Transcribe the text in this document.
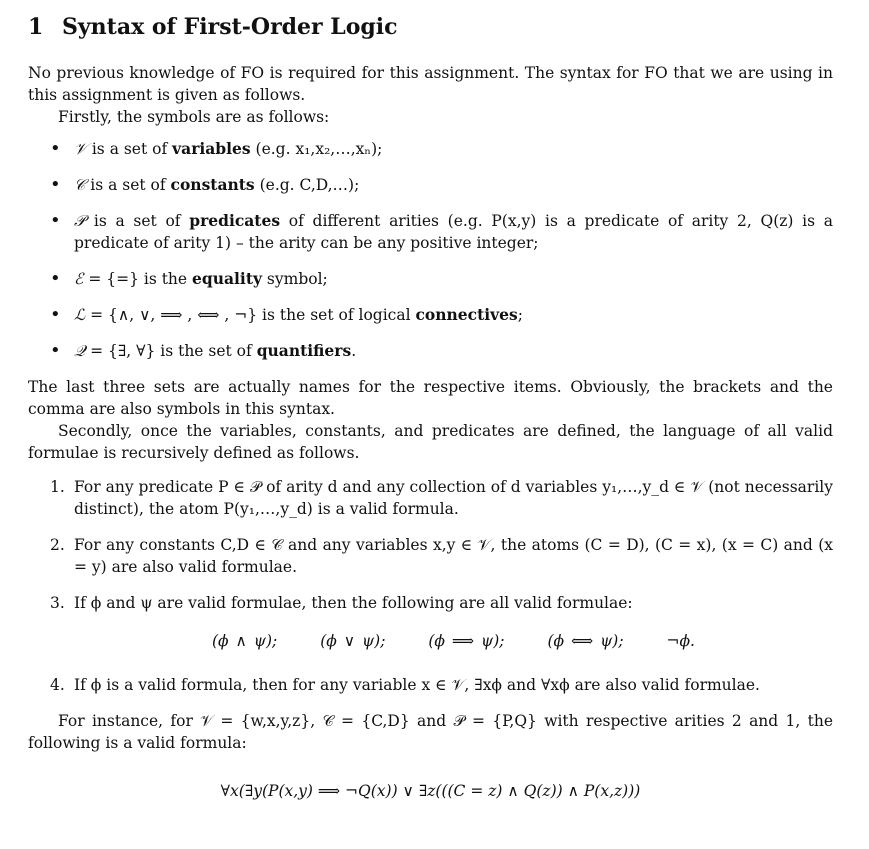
1 Syntax of First-Order Logic

No previous knowledge of FO is required for this assignment. The syntax for FO that we are using in this assignment is given as follows.

Firstly, the symbols are as follows:

• 𝒱 is a set of variables (e.g. x₁,x₂,…,xₙ);
• 𝒞 is a set of constants (e.g. C,D,…);
• 𝒫 is a set of predicates of different arities (e.g. P(x,y) is a predicate of arity 2, Q(z) is a predicate of arity 1) – the arity can be any positive integer;
• ℰ = {=} is the equality symbol;
• ℒ = {∧, ∨, ⟹ , ⟺ , ¬} is the set of logical connectives;
• 𝒬 = {∃, ∀} is the set of quantifiers.

The last three sets are actually names for the respective items. Obviously, the brackets and the comma are also symbols in this syntax.

Secondly, once the variables, constants, and predicates are defined, the language of all valid formulae is recursively defined as follows.

1. For any predicate P ∈ 𝒫 of arity d and any collection of d variables y₁,…,y_d ∈ 𝒱 (not necessarily distinct), the atom P(y₁,…,y_d) is a valid formula.
2. For any constants C,D ∈ 𝒞 and any variables x,y ∈ 𝒱, the atoms (C = D), (C = x), (x = C) and (x = y) are also valid formulae.
3. If ϕ and ψ are valid formulae, then the following are all valid formulae:
(ϕ ∧ ψ);	(ϕ ∨ ψ);	(ϕ ⟹ ψ);	(ϕ ⟺ ψ);	¬ϕ.
4. If ϕ is a valid formula, then for any variable x ∈ 𝒱, ∃xϕ and ∀xϕ are also valid formulae.

For instance, for 𝒱 = {w,x,y,z}, 𝒞 = {C,D} and 𝒫 = {P,Q} with respective arities 2 and 1, the following is a valid formula:

∀x(∃y(P(x,y) ⟹ ¬Q(x)) ∨ ∃z(((C = z) ∧ Q(z)) ∧ P(x,z)))
